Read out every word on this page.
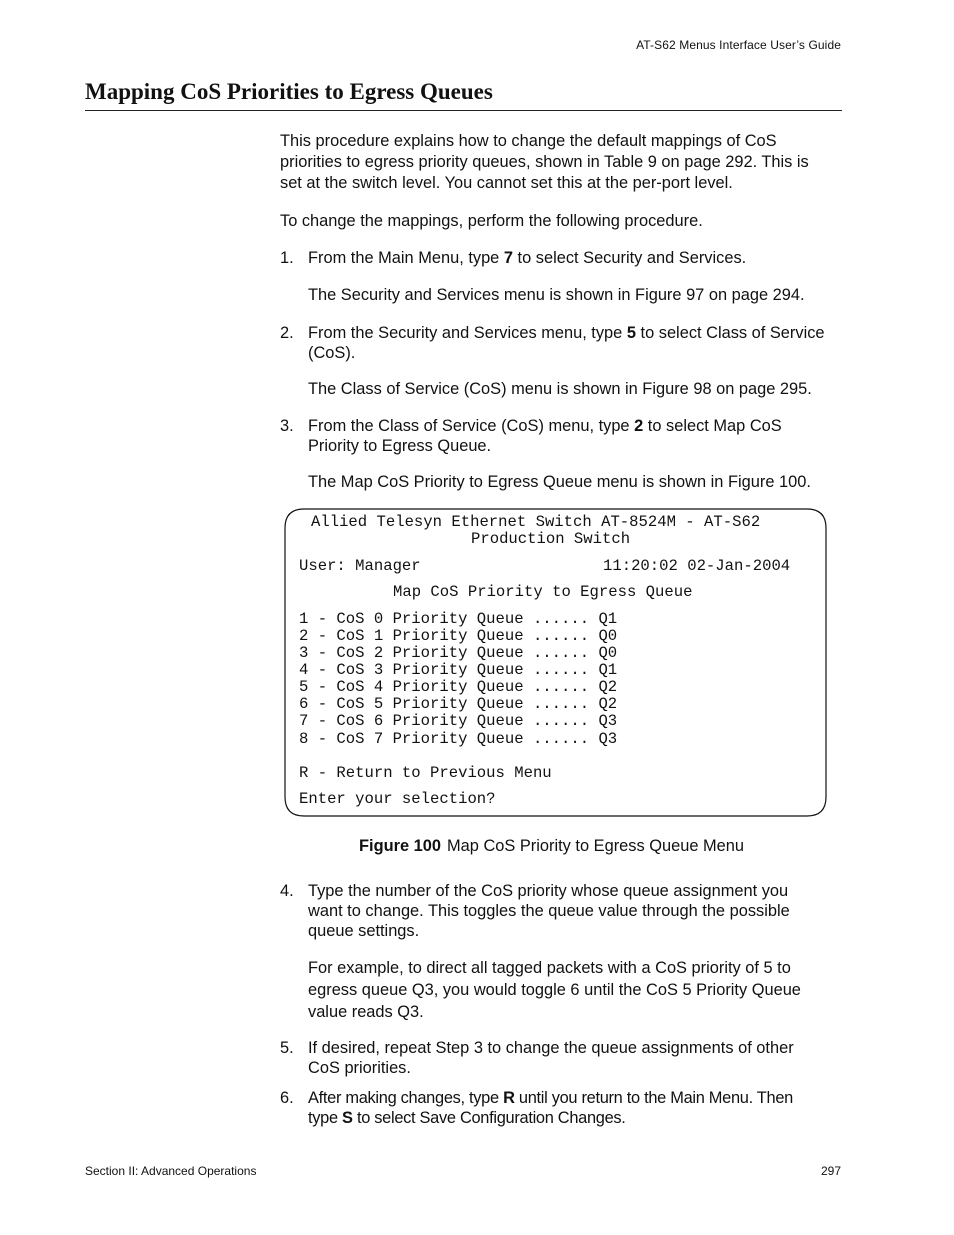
AT-S62 Menus Interface User’s Guide
Mapping CoS Priorities to Egress Queues

This procedure explains how to change the default mappings of CoS

priorities to egress priority queues, shown in Table 9 on page 292. This is

set at the switch level. You cannot set this at the per-port level.

To change the mappings, perform the following procedure.

1. From the Main Menu, type 7 to select Security and Services.

The Security and Services menu is shown in Figure 97 on page 294.

2. From the Security and Services menu, type 5 to select Class of Service
(CoS).

The Class of Service (CoS) menu is shown in Figure 98 on page 295.

3. From the Class of Service (CoS) menu, type 2 to select Map CoS
Priority to Egress Queue.

The Map CoS Priority to Egress Queue menu is shown in Figure 100.

Allied Telesyn Ethernet Switch AT-8524M - AT-S62
Production Switch
User: Manager	11:20:02 02-Jan-2004
Map CoS Priority to Egress Queue
1 - CoS 0 Priority Queue ...... Q1
2 - CoS 1 Priority Queue ...... Q0
3 - CoS 2 Priority Queue ...... Q0
4 - CoS 3 Priority Queue ...... Q1
5 - CoS 4 Priority Queue ...... Q2
6 - CoS 5 Priority Queue ...... Q2
7 - CoS 6 Priority Queue ...... Q3
8 - CoS 7 Priority Queue ...... Q3
R - Return to Previous Menu
Enter your selection?
Figure 100 Map CoS Priority to Egress Queue Menu
4. Type the number of the CoS priority whose queue assignment you
want to change. This toggles the queue value through the possible
queue settings.

For example, to direct all tagged packets with a CoS priority of 5 to
egress queue Q3, you would toggle 6 until the CoS 5 Priority Queue
value reads Q3.

5. If desired, repeat Step 3 to change the queue assignments of other
CoS priorities.
6. After making changes, type R until you return to the Main Menu. Then
type S to select Save Configuration Changes.
Section II: Advanced Operations	297
